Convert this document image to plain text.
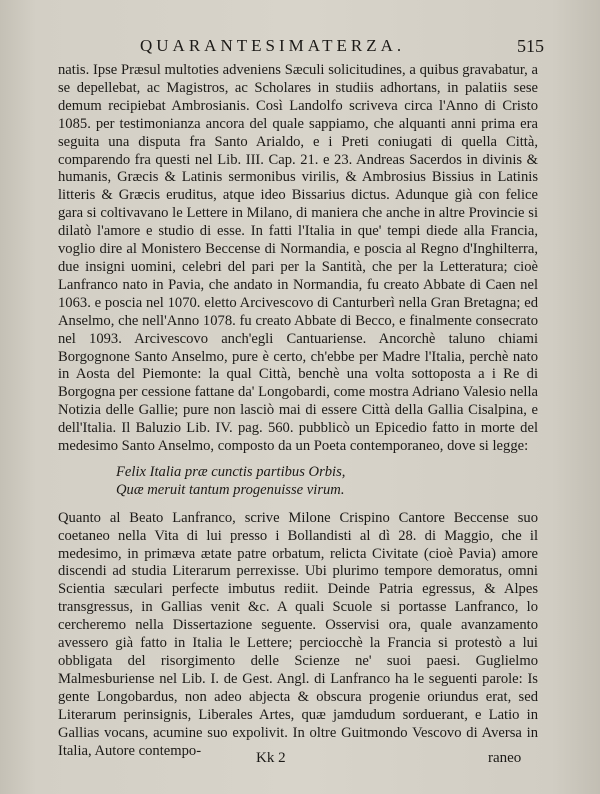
QUARANTESIMATERZA.	515

natis. Ipse Præsul multoties adveniens Sæculi solicitudines, a quibus gravabatur, a se depellebat, ac Magistros, ac Scholares in studiis adhortans, in palatiis sese demum recipiebat Ambrosianis. Così Landolfo scriveva circa l'Anno di Cristo 1085. per testimonianza ancora del quale sappiamo, che alquanti anni prima era seguita una disputa fra Santo Arialdo, e i Preti coniugati di quella Città, comparendo fra questi nel Lib. III. Cap. 21. e 23. Andreas Sacerdos in divinis & humanis, Græcis & Latinis sermonibus virilis, & Ambrosius Bissius in Latinis litteris & Græcis eruditus, atque ideo Bissarius dictus. Adunque già con felice gara si coltivavano le Lettere in Milano, di maniera che anche in altre Provincie si dilatò l'amore e studio di esse. In fatti l'Italia in que' tempi diede alla Francia, voglio dire al Monistero Beccense di Normandia, e poscia al Regno d'Inghilterra, due insigni uomini, celebri del pari per la Santità, che per la Letteratura; cioè Lanfranco nato in Pavia, che andato in Normandia, fu creato Abbate di Caen nel 1063. e poscia nel 1070. eletto Arcivescovo di Canturberì nella Gran Bretagna; ed Anselmo, che nell'Anno 1078. fu creato Abbate di Becco, e finalmente consecrato nel 1093. Arcivescovo anch'egli Cantuariense. Ancorchè taluno chiami Borgognone Santo Anselmo, pure è certo, ch'ebbe per Madre l'Italia, perchè nato in Aosta del Piemonte: la qual Città, benchè una volta sottoposta a i Re di Borgogna per cessione fattane da' Longobardi, come mostra Adriano Valesio nella Notizia delle Gallie; pure non lasciò mai di essere Città della Gallia Cisalpina, e dell'Italia. Il Baluzio Lib. IV. pag. 560. pubblicò un Epicedio fatto in morte del medesimo Santo Anselmo, composto da un Poeta contemporaneo, dove si legge:

Felix Italia præ cunctis partibus Orbis,
Quæ meruit tantum progenuisse virum.

Quanto al Beato Lanfranco, scrive Milone Crispino Cantore Beccense suo coetaneo nella Vita di lui presso i Bollandisti al dì 28. di Maggio, che il medesimo, in primæva ætate patre orbatum, relicta Civitate (cioè Pavia) amore discendi ad studia Literarum perrexisse. Ubi plurimo tempore demoratus, omni Scientia sæculari perfecte imbutus rediit. Deinde Patria egressus, & Alpes transgressus, in Gallias venit &c. A quali Scuole si portasse Lanfranco, lo cercheremo nella Dissertazione seguente. Osservisi ora, quale avanzamento avessero già fatto in Italia le Lettere; perciocchè la Francia si protestò a lui obbligata del risorgimento delle Scienze ne' suoi paesi. Guglielmo Malmesburiense nel Lib. I. de Gest. Angl. di Lanfranco ha le seguenti parole: Is gente Longobardus, non adeo abjecta & obscura progenie oriundus erat, sed Literarum perinsignis, Liberales Artes, quæ jamdudum sorduerant, e Latio in Gallias vocans, acumine suo expolivit. In oltre Guitmondo Vescovo di Aversa in Italia, Autore contempo-	Kk 2	raneo
